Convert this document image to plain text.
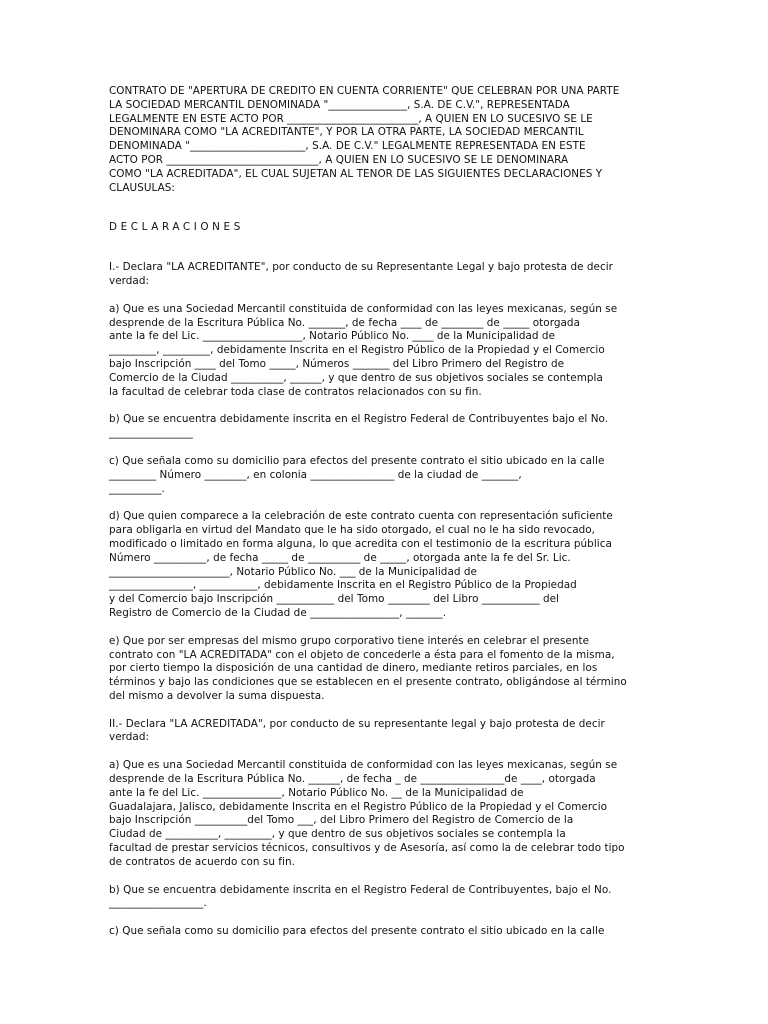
CONTRATO DE "APERTURA DE CREDITO EN CUENTA CORRIENTE" QUE CELEBRAN POR UNA PARTE
LA SOCIEDAD MERCANTIL DENOMINADA "_______________, S.A. DE C.V.", REPRESENTADA
LEGALMENTE EN ESTE ACTO POR _________________________, A QUIEN EN LO SUCESIVO SE LE
DENOMINARA COMO "LA ACREDITANTE", Y POR LA OTRA PARTE, LA SOCIEDAD MERCANTIL
DENOMINADA "______________________, S.A. DE C.V." LEGALMENTE REPRESENTADA EN ESTE
ACTO POR _____________________________, A QUIEN EN LO SUCESIVO SE LE DENOMINARA
COMO "LA ACREDITADA", EL CUAL SUJETAN AL TENOR DE LAS SIGUIENTES DECLARACIONES Y
CLAUSULAS:

DECLARACIONES

I.- Declara "LA ACREDITANTE", por conducto de su Representante Legal y bajo protesta de decir
verdad:

a) Que es una Sociedad Mercantil constituida de conformidad con las leyes mexicanas, según se
desprende de la Escritura Pública No. _______, de fecha ____ de ________ de _____ otorgada
ante la fe del Lic. ___________________, Notario Público No. ____ de la Municipalidad de
_________, _________, debidamente Inscrita en el Registro Público de la Propiedad y el Comercio
bajo Inscripción ____ del Tomo _____, Números _______ del Libro Primero del Registro de
Comercio de la Ciudad __________, ______, y que dentro de sus objetivos sociales se contempla
la facultad de celebrar toda clase de contratos relacionados con su fin.

b) Que se encuentra debidamente inscrita en el Registro Federal de Contribuyentes bajo el No.
________________

c) Que señala como su domicilio para efectos del presente contrato el sitio ubicado en la calle
_________ Número ________, en colonia ________________ de la ciudad de _______,
__________.

d) Que quien comparece a la celebración de este contrato cuenta con representación suficiente
para obligarla en virtud del Mandato que le ha sido otorgado, el cual no le ha sido revocado,
modificado o limitado en forma alguna, lo que acredita con el testimonio de la escritura pública
Número __________, de fecha _____ de __________ de _____, otorgada ante la fe del Sr. Lic.
_______________________, Notario Público No. ___ de la Municipalidad de
________________, ___________, debidamente Inscrita en el Registro Público de la Propiedad
y del Comercio bajo Inscripción ___________ del Tomo ________ del Libro ___________ del
Registro de Comercio de la Ciudad de _________________, _______.

e) Que por ser empresas del mismo grupo corporativo tiene interés en celebrar el presente
contrato con "LA ACREDITADA" con el objeto de concederle a ésta para el fomento de la misma,
por cierto tiempo la disposición de una cantidad de dinero, mediante retiros parciales, en los
términos y bajo las condiciones que se establecen en el presente contrato, obligándose al término
del mismo a devolver la suma dispuesta.

II.- Declara "LA ACREDITADA", por conducto de su representante legal y bajo protesta de decir
verdad:

a) Que es una Sociedad Mercantil constituida de conformidad con las leyes mexicanas, según se
desprende de la Escritura Pública No. ______, de fecha _ de ________________de ____, otorgada
ante la fe del Lic. _______________, Notario Público No. __ de la Municipalidad de
Guadalajara, Jalisco, debidamente Inscrita en el Registro Público de la Propiedad y el Comercio
bajo Inscripción __________del Tomo ___, del Libro Primero del Registro de Comercio de la
Ciudad de __________, _________, y que dentro de sus objetivos sociales se contempla la
facultad de prestar servicios técnicos, consultivos y de Asesoría, así como la de celebrar todo tipo
de contratos de acuerdo con su fin.

b) Que se encuentra debidamente inscrita en el Registro Federal de Contribuyentes, bajo el No.
__________________.

c) Que señala como su domicilio para efectos del presente contrato el sitio ubicado en la calle
